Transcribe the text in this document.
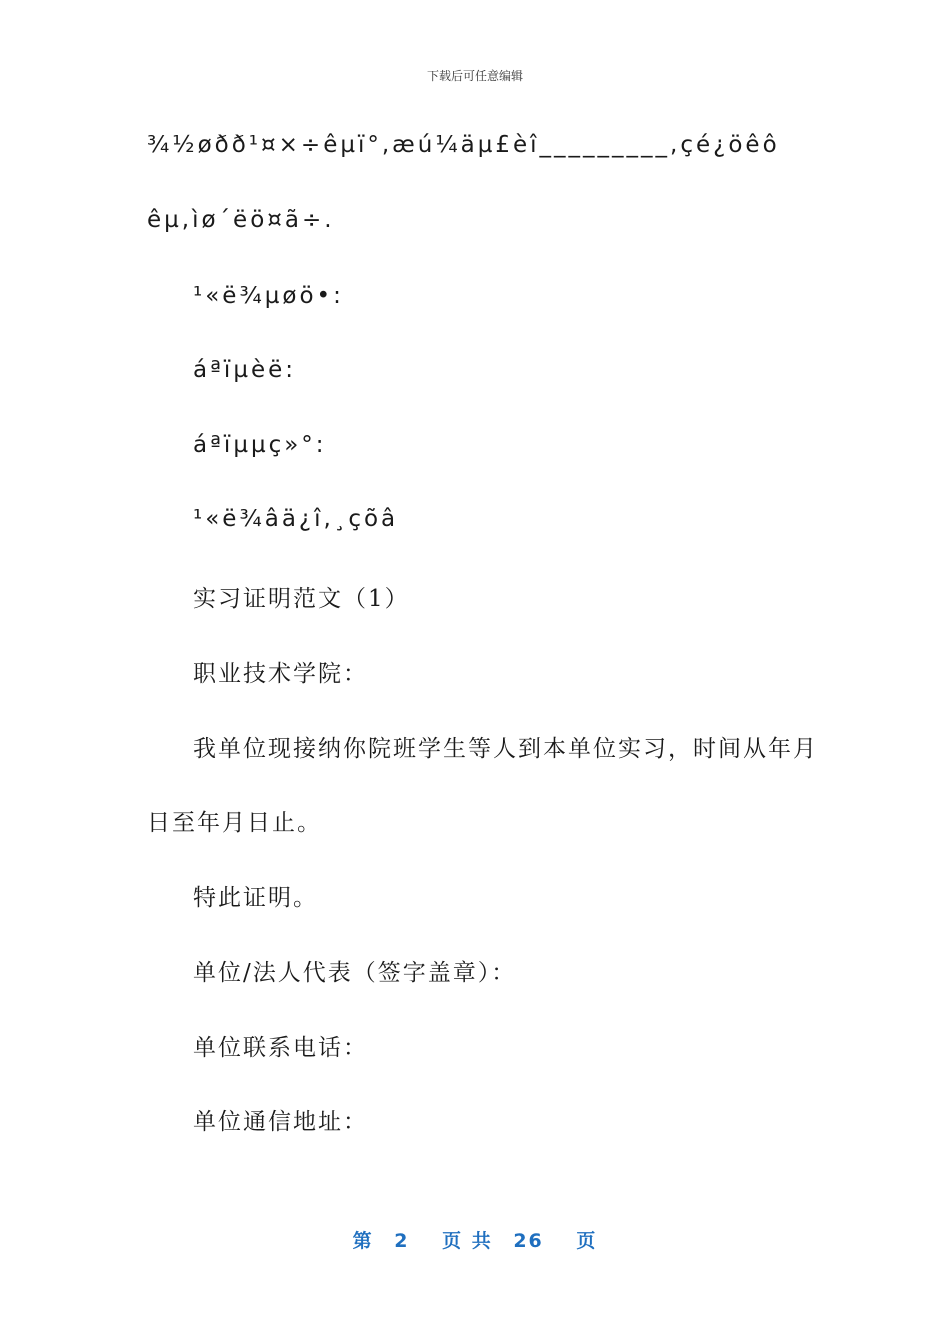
下载后可任意编辑
¾½øðð¹¤×÷êµï°,æú¼äµ£èî_________,çé¿öêô
êµ,ìø´ëö¤ã÷.
¹«ë¾µøö•:
áªïµèë:
áªïµµç»°:
¹«ë¾âä¿î,¸çõâ
实习证明范文（1）
职业技术学院：
我单位现接纳你院班学生等人到本单位实习，时间从年月
日至年月日止。
特此证明。
单位/法人代表（签字盖章）：
单位联系电话：
单位通信地址：
第 2 页 共 26 页
